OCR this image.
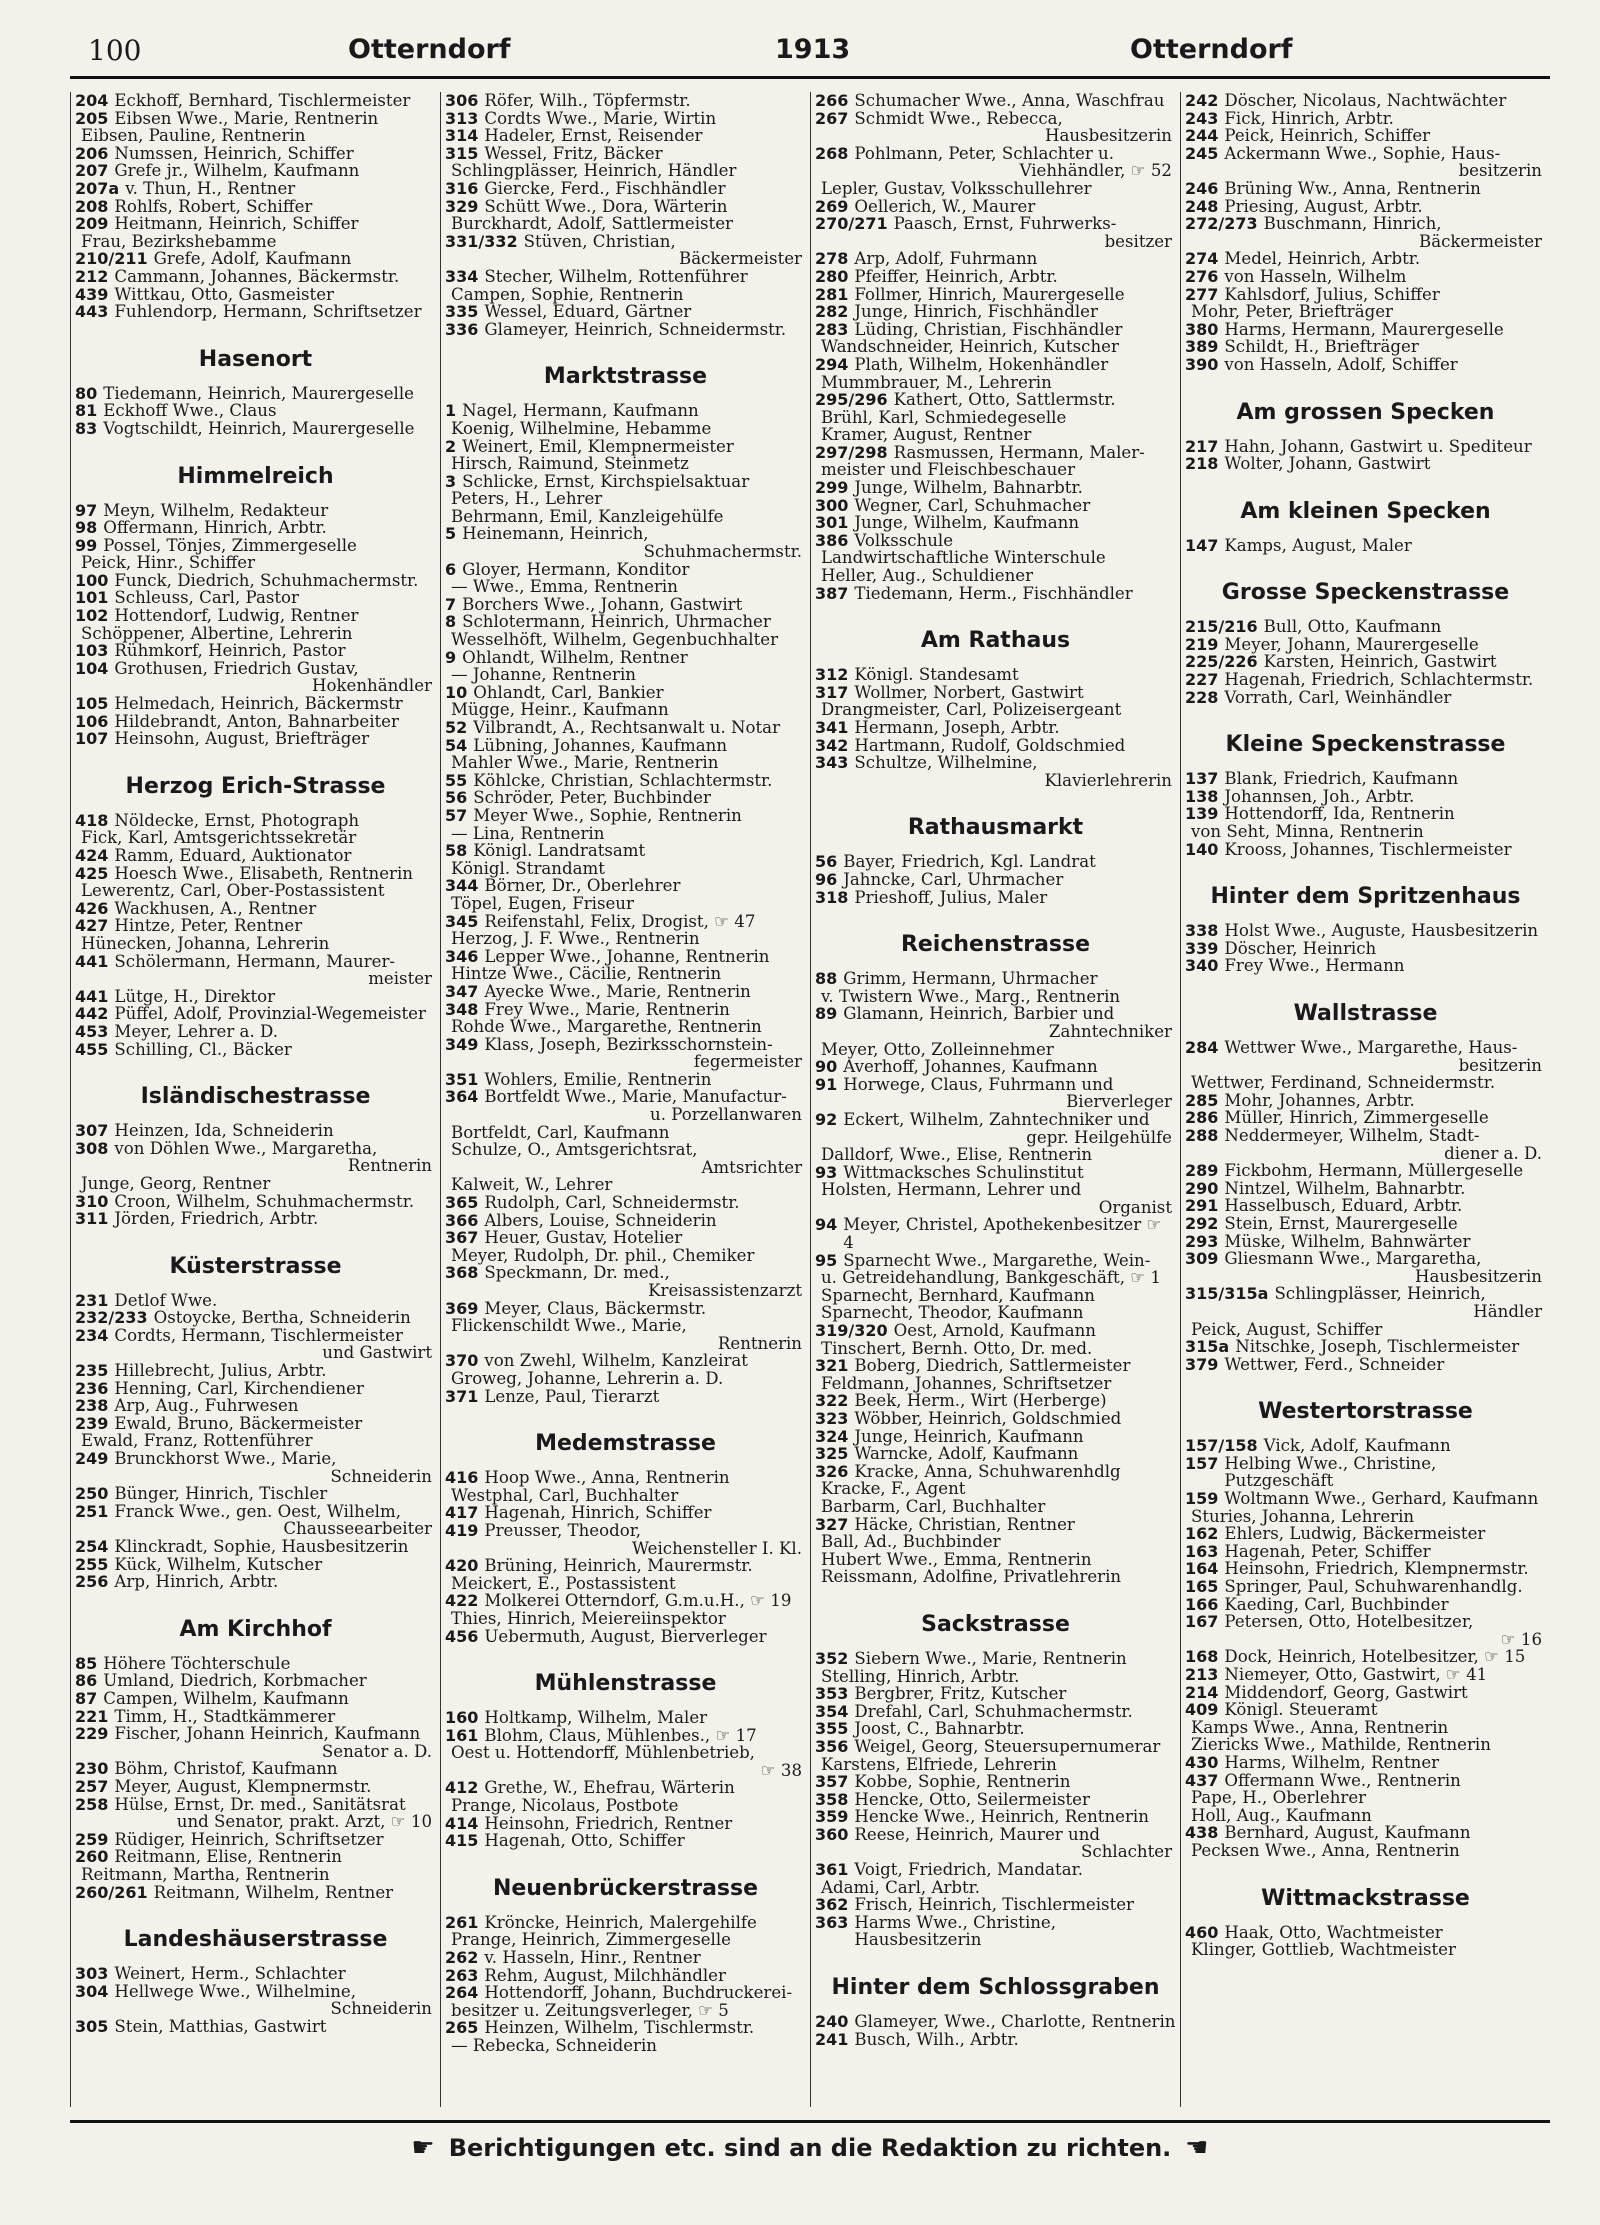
100	Otterndorf	1913	Otterndorf
204 Eckhoff, Bernhard, Tischlermeister
205 Eibsen Wwe., Marie, Rentnerin
Eibsen, Pauline, Rentnerin
206 Numssen, Heinrich, Schiffer
207 Grefe jr., Wilhelm, Kaufmann
207a v. Thun, H., Rentner
208 Rohlfs, Robert, Schiffer
209 Heitmann, Heinrich, Schiffer
Frau, Bezirkshebamme
210/211 Grefe, Adolf, Kaufmann
212 Cammann, Johannes, Bäckermstr.
439 Wittkau, Otto, Gasmeister
443 Fuhlendorp, Hermann, Schriftsetzer
Hasenort
80 Tiedemann, Heinrich, Maurergeselle
81 Eckhoff Wwe., Claus
83 Vogtschildt, Heinrich, Maurergeselle
Himmelreich
97 Meyn, Wilhelm, Redakteur
98 Offermann, Hinrich, Arbtr.
99 Possel, Tönjes, Zimmergeselle
Peick, Hinr., Schiffer
100 Funck, Diedrich, Schuhmachermstr.
101 Schleuss, Carl, Pastor
102 Hottendorf, Ludwig, Rentner
Schöppener, Albertine, Lehrerin
103 Rühmkorf, Heinrich, Pastor
104 Grothusen, Friedrich Gustav,
Hokenhändler
105 Helmedach, Heinrich, Bäckermstr
106 Hildebrandt, Anton, Bahnarbeiter
107 Heinsohn, August, Briefträger
Herzog Erich-Strasse
418 Nöldecke, Ernst, Photograph
Fick, Karl, Amtsgerichtssekretär
424 Ramm, Eduard, Auktionator
425 Hoesch Wwe., Elisabeth, Rentnerin
Lewerentz, Carl, Ober-Postassistent
426 Wackhusen, A., Rentner
427 Hintze, Peter, Rentner
Hünecken, Johanna, Lehrerin
441 Schölermann, Hermann, Maurer-
meister
441 Lütge, H., Direktor
442 Püffel, Adolf, Provinzial-Wegemeister
453 Meyer, Lehrer a. D.
455 Schilling, Cl., Bäcker
Isländischestrasse
307 Heinzen, Ida, Schneiderin
308 von Döhlen Wwe., Margaretha,
Rentnerin
Junge, Georg, Rentner
310 Croon, Wilhelm, Schuhmachermstr.
311 Jörden, Friedrich, Arbtr.
Küsterstrasse
231 Detlof Wwe.
232/233 Ostoycke, Bertha, Schneiderin
234 Cordts, Hermann, Tischlermeister
und Gastwirt
235 Hillebrecht, Julius, Arbtr.
236 Henning, Carl, Kirchendiener
238 Arp, Aug., Fuhrwesen
239 Ewald, Bruno, Bäckermeister
Ewald, Franz, Rottenführer
249 Brunckhorst Wwe., Marie,
Schneiderin
250 Bünger, Hinrich, Tischler
251 Franck Wwe., gen. Oest, Wilhelm,
Chausseearbeiter
254 Klinckradt, Sophie, Hausbesitzerin
255 Kück, Wilhelm, Kutscher
256 Arp, Hinrich, Arbtr.
Am Kirchhof
85 Höhere Töchterschule
86 Umland, Diedrich, Korbmacher
87 Campen, Wilhelm, Kaufmann
221 Timm, H., Stadtkämmerer
229 Fischer, Johann Heinrich, Kaufmann
Senator a. D.
230 Böhm, Christof, Kaufmann
257 Meyer, August, Klempnermstr.
258 Hülse, Ernst, Dr. med., Sanitätsrat
und Senator, prakt. Arzt, ☞ 10
259 Rüdiger, Heinrich, Schriftsetzer
260 Reitmann, Elise, Rentnerin
Reitmann, Martha, Rentnerin
260/261 Reitmann, Wilhelm, Rentner
Landeshäuserstrasse
303 Weinert, Herm., Schlachter
304 Hellwege Wwe., Wilhelmine,
Schneiderin
305 Stein, Matthias, Gastwirt
306 Röfer, Wilh., Töpfermstr.
313 Cordts Wwe., Marie, Wirtin
314 Hadeler, Ernst, Reisender
315 Wessel, Fritz, Bäcker
Schlingplässer, Heinrich, Händler
316 Giercke, Ferd., Fischhändler
329 Schütt Wwe., Dora, Wärterin
Burckhardt, Adolf, Sattlermeister
331/332 Stüven, Christian,
Bäckermeister
334 Stecher, Wilhelm, Rottenführer
Campen, Sophie, Rentnerin
335 Wessel, Eduard, Gärtner
336 Glameyer, Heinrich, Schneidermstr.
Marktstrasse
1 Nagel, Hermann, Kaufmann
Koenig, Wilhelmine, Hebamme
2 Weinert, Emil, Klempnermeister
Hirsch, Raimund, Steinmetz
3 Schlicke, Ernst, Kirchspielsaktuar
Peters, H., Lehrer
Behrmann, Emil, Kanzleigehülfe
5 Heinemann, Heinrich,
Schuhmachermstr.
6 Gloyer, Hermann, Konditor
— Wwe., Emma, Rentnerin
7 Borchers Wwe., Johann, Gastwirt
8 Schlotermann, Heinrich, Uhrmacher
Wesselhöft, Wilhelm, Gegenbuchhalter
9 Ohlandt, Wilhelm, Rentner
— Johanne, Rentnerin
10 Ohlandt, Carl, Bankier
Mügge, Heinr., Kaufmann
52 Vilbrandt, A., Rechtsanwalt u. Notar
54 Lübning, Johannes, Kaufmann
Mahler Wwe., Marie, Rentnerin
55 Köhlcke, Christian, Schlachtermstr.
56 Schröder, Peter, Buchbinder
57 Meyer Wwe., Sophie, Rentnerin
— Lina, Rentnerin
58 Königl. Landratsamt
Königl. Strandamt
344 Börner, Dr., Oberlehrer
Töpel, Eugen, Friseur
345 Reifenstahl, Felix, Drogist, ☞ 47
Herzog, J. F. Wwe., Rentnerin
346 Lepper Wwe., Johanne, Rentnerin
Hintze Wwe., Cäcilie, Rentnerin
347 Ayecke Wwe., Marie, Rentnerin
348 Frey Wwe., Marie, Rentnerin
Rohde Wwe., Margarethe, Rentnerin
349 Klass, Joseph, Bezirksschornstein-
fegermeister
351 Wohlers, Emilie, Rentnerin
364 Bortfeldt Wwe., Marie, Manufactur-
u. Porzellanwaren
Bortfeldt, Carl, Kaufmann
Schulze, O., Amtsgerichtsrat,
Amtsrichter
Kalweit, W., Lehrer
365 Rudolph, Carl, Schneidermstr.
366 Albers, Louise, Schneiderin
367 Heuer, Gustav, Hotelier
Meyer, Rudolph, Dr. phil., Chemiker
368 Speckmann, Dr. med.,
Kreisassistenzarzt
369 Meyer, Claus, Bäckermstr.
Flickenschildt Wwe., Marie,
Rentnerin
370 von Zwehl, Wilhelm, Kanzleirat
Groweg, Johanne, Lehrerin a. D.
371 Lenze, Paul, Tierarzt
Medemstrasse
416 Hoop Wwe., Anna, Rentnerin
Westphal, Carl, Buchhalter
417 Hagenah, Hinrich, Schiffer
419 Preusser, Theodor,
Weichensteller I. Kl.
420 Brüning, Heinrich, Maurermstr.
Meickert, E., Postassistent
422 Molkerei Otterndorf, G.m.u.H., ☞ 19
Thies, Hinrich, Meiereiinspektor
456 Uebermuth, August, Bierverleger
Mühlenstrasse
160 Holtkamp, Wilhelm, Maler
161 Blohm, Claus, Mühlenbes., ☞ 17
Oest u. Hottendorff, Mühlenbetrieb,
☞ 38
412 Grethe, W., Ehefrau, Wärterin
Prange, Nicolaus, Postbote
414 Heinsohn, Friedrich, Rentner
415 Hagenah, Otto, Schiffer
Neuenbrückerstrasse
261 Kröncke, Heinrich, Malergehilfe
Prange, Heinrich, Zimmergeselle
262 v. Hasseln, Hinr., Rentner
263 Rehm, August, Milchhändler
264 Hottendorff, Johann, Buchdruckerei-
besitzer u. Zeitungsverleger, ☞ 5
265 Heinzen, Wilhelm, Tischlermstr.
— Rebecka, Schneiderin
266 Schumacher Wwe., Anna, Waschfrau
267 Schmidt Wwe., Rebecca,
Hausbesitzerin
268 Pohlmann, Peter, Schlachter u.
Viehhändler, ☞ 52
Lepler, Gustav, Volksschullehrer
269 Oellerich, W., Maurer
270/271 Paasch, Ernst, Fuhrwerks-
besitzer
278 Arp, Adolf, Fuhrmann
280 Pfeiffer, Heinrich, Arbtr.
281 Follmer, Hinrich, Maurergeselle
282 Junge, Hinrich, Fischhändler
283 Lüding, Christian, Fischhändler
Wandschneider, Heinrich, Kutscher
294 Plath, Wilhelm, Hokenhändler
Mummbrauer, M., Lehrerin
295/296 Kathert, Otto, Sattlermstr.
Brühl, Karl, Schmiedegeselle
Kramer, August, Rentner
297/298 Rasmussen, Hermann, Maler-
meister und Fleischbeschauer
299 Junge, Wilhelm, Bahnarbtr.
300 Wegner, Carl, Schuhmacher
301 Junge, Wilhelm, Kaufmann
386 Volksschule
Landwirtschaftliche Winterschule
Heller, Aug., Schuldiener
387 Tiedemann, Herm., Fischhändler
Am Rathaus
312 Königl. Standesamt
317 Wollmer, Norbert, Gastwirt
Drangmeister, Carl, Polizeisergeant
341 Hermann, Joseph, Arbtr.
342 Hartmann, Rudolf, Goldschmied
343 Schultze, Wilhelmine,
Klavierlehrerin
Rathausmarkt
56 Bayer, Friedrich, Kgl. Landrat
96 Jahncke, Carl, Uhrmacher
318 Prieshoff, Julius, Maler
Reichenstrasse
88 Grimm, Hermann, Uhrmacher
v. Twistern Wwe., Marg., Rentnerin
89 Glamann, Heinrich, Barbier und
Zahntechniker
Meyer, Otto, Zolleinnehmer
90 Averhoff, Johannes, Kaufmann
91 Horwege, Claus, Fuhrmann und
Bierverleger
92 Eckert, Wilhelm, Zahntechniker und
gepr. Heilgehülfe
Dalldorf, Wwe., Elise, Rentnerin
93 Wittmacksches Schulinstitut
Holsten, Hermann, Lehrer und
Organist
94 Meyer, Christel, Apothekenbesitzer ☞ 4
95 Sparnecht Wwe., Margarethe, Wein-
u. Getreidehandlung, Bankgeschäft, ☞ 1
Sparnecht, Bernhard, Kaufmann
Sparnecht, Theodor, Kaufmann
319/320 Oest, Arnold, Kaufmann
Tinschert, Bernh. Otto, Dr. med.
321 Boberg, Diedrich, Sattlermeister
Feldmann, Johannes, Schriftsetzer
322 Beek, Herm., Wirt (Herberge)
323 Wöbber, Heinrich, Goldschmied
324 Junge, Heinrich, Kaufmann
325 Warncke, Adolf, Kaufmann
326 Kracke, Anna, Schuhwarenhdlg
Kracke, F., Agent
Barbarm, Carl, Buchhalter
327 Häcke, Christian, Rentner
Ball, Ad., Buchbinder
Hubert Wwe., Emma, Rentnerin
Reissmann, Adolfine, Privatlehrerin
Sackstrasse
352 Siebern Wwe., Marie, Rentnerin
Stelling, Hinrich, Arbtr.
353 Bergbrer, Fritz, Kutscher
354 Drefahl, Carl, Schuhmachermstr.
355 Joost, C., Bahnarbtr.
356 Weigel, Georg, Steuersupernumerar
Karstens, Elfriede, Lehrerin
357 Kobbe, Sophie, Rentnerin
358 Hencke, Otto, Seilermeister
359 Hencke Wwe., Heinrich, Rentnerin
360 Reese, Heinrich, Maurer und
Schlachter
361 Voigt, Friedrich, Mandatar.
Adami, Carl, Arbtr.
362 Frisch, Heinrich, Tischlermeister
363 Harms Wwe., Christine, Hausbesitzerin
Hinter dem Schlossgraben
240 Glameyer, Wwe., Charlotte, Rentnerin
241 Busch, Wilh., Arbtr.
242 Döscher, Nicolaus, Nachtwächter
243 Fick, Hinrich, Arbtr.
244 Peick, Heinrich, Schiffer
245 Ackermann Wwe., Sophie, Haus-
besitzerin
246 Brüning Ww., Anna, Rentnerin
248 Priesing, August, Arbtr.
272/273 Buschmann, Hinrich,
Bäckermeister
274 Medel, Heinrich, Arbtr.
276 von Hasseln, Wilhelm
277 Kahlsdorf, Julius, Schiffer
Mohr, Peter, Briefträger
380 Harms, Hermann, Maurergeselle
389 Schildt, H., Briefträger
390 von Hasseln, Adolf, Schiffer
Am grossen Specken
217 Hahn, Johann, Gastwirt u. Spediteur
218 Wolter, Johann, Gastwirt
Am kleinen Specken
147 Kamps, August, Maler
Grosse Speckenstrasse
215/216 Bull, Otto, Kaufmann
219 Meyer, Johann, Maurergeselle
225/226 Karsten, Heinrich, Gastwirt
227 Hagenah, Friedrich, Schlachtermstr.
228 Vorrath, Carl, Weinhändler
Kleine Speckenstrasse
137 Blank, Friedrich, Kaufmann
138 Johannsen, Joh., Arbtr.
139 Hottendorff, Ida, Rentnerin
von Seht, Minna, Rentnerin
140 Krooss, Johannes, Tischlermeister
Hinter dem Spritzenhaus
338 Holst Wwe., Auguste, Hausbesitzerin
339 Döscher, Heinrich
340 Frey Wwe., Hermann
Wallstrasse
284 Wettwer Wwe., Margarethe, Haus-
besitzerin
Wettwer, Ferdinand, Schneidermstr.
285 Mohr, Johannes, Arbtr.
286 Müller, Hinrich, Zimmergeselle
288 Neddermeyer, Wilhelm, Stadt-
diener a. D.
289 Fickbohm, Hermann, Müllergeselle
290 Nintzel, Wilhelm, Bahnarbtr.
291 Hasselbusch, Eduard, Arbtr.
292 Stein, Ernst, Maurergeselle
293 Müske, Wilhelm, Bahnwärter
309 Gliesmann Wwe., Margaretha,
Hausbesitzerin
315/315a Schlingplässer, Heinrich,
Händler
Peick, August, Schiffer
315a Nitschke, Joseph, Tischlermeister
379 Wettwer, Ferd., Schneider
Westertorstrasse
157/158 Vick, Adolf, Kaufmann
157 Helbing Wwe., Christine, Putzgeschäft
159 Woltmann Wwe., Gerhard, Kaufmann
Sturies, Johanna, Lehrerin
162 Ehlers, Ludwig, Bäckermeister
163 Hagenah, Peter, Schiffer
164 Heinsohn, Friedrich, Klempnermstr.
165 Springer, Paul, Schuhwarenhandlg.
166 Kaeding, Carl, Buchbinder
167 Petersen, Otto, Hotelbesitzer,
☞ 16
168 Dock, Heinrich, Hotelbesitzer, ☞ 15
213 Niemeyer, Otto, Gastwirt, ☞ 41
214 Middendorf, Georg, Gastwirt
409 Königl. Steueramt
Kamps Wwe., Anna, Rentnerin
Ziericks Wwe., Mathilde, Rentnerin
430 Harms, Wilhelm, Rentner
437 Offermann Wwe., Rentnerin
Pape, H., Oberlehrer
Holl, Aug., Kaufmann
438 Bernhard, August, Kaufmann
Pecksen Wwe., Anna, Rentnerin
Wittmackstrasse
460 Haak, Otto, Wachtmeister
Klinger, Gottlieb, Wachtmeister
☛ Berichtigungen etc. sind an die Redaktion zu richten. ☛
